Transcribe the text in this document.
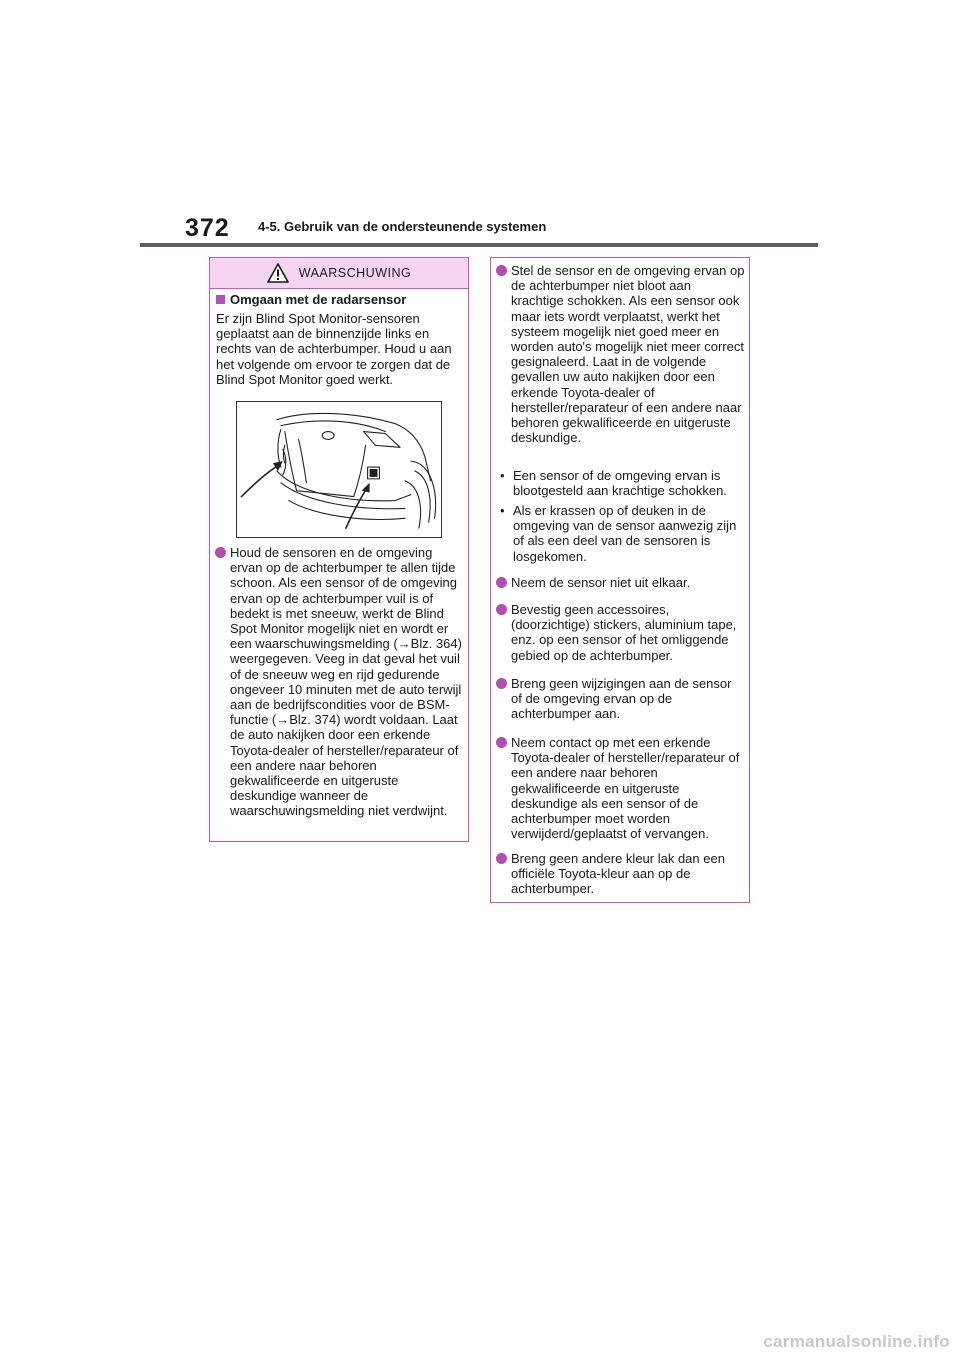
372 4-5. Gebruik van de ondersteunende systemen
WAARSCHUWING
Omgaan met de radarsensor
Er zijn Blind Spot Monitor-sensoren geplaatst aan de binnenzijde links en rechts van de achterbumper. Houd u aan het volgende om ervoor te zorgen dat de Blind Spot Monitor goed werkt.
Houd de sensoren en de omgeving ervan op de achterbumper te allen tijde schoon. Als een sensor of de omgeving ervan op de achterbumper vuil is of bedekt is met sneeuw, werkt de Blind Spot Monitor mogelijk niet en wordt er een waarschuwingsmelding (→Blz. 364) weergegeven. Veeg in dat geval het vuil of de sneeuw weg en rijd gedurende ongeveer 10 minuten met de auto terwijl aan de bedrijfscondities voor de BSM-functie (→Blz. 374) wordt voldaan. Laat de auto nakijken door een erkende Toyota-dealer of hersteller/reparateur of een andere naar behoren gekwalificeerde en uitgeruste deskundige wanneer de waarschuwingsmelding niet verdwijnt.
Stel de sensor en de omgeving ervan op de achterbumper niet bloot aan krachtige schokken. Als een sensor ook maar iets wordt verplaatst, werkt het systeem mogelijk niet goed meer en worden auto's mogelijk niet meer correct gesignaleerd. Laat in de volgende gevallen uw auto nakijken door een erkende Toyota-dealer of hersteller/reparateur of een andere naar behoren gekwalificeerde en uitgeruste deskundige.
• Een sensor of de omgeving ervan is blootgesteld aan krachtige schokken.
• Als er krassen op of deuken in de omgeving van de sensor aanwezig zijn of als een deel van de sensoren is losgekomen.
Neem de sensor niet uit elkaar.
Bevestig geen accessoires, (doorzichtige) stickers, aluminium tape, enz. op een sensor of het omliggende gebied op de achterbumper.
Breng geen wijzigingen aan de sensor of de omgeving ervan op de achterbumper aan.
Neem contact op met een erkende Toyota-dealer of hersteller/reparateur of een andere naar behoren gekwalificeerde en uitgeruste deskundige als een sensor of de achterbumper moet worden verwijderd/geplaatst of vervangen.
Breng geen andere kleur lak dan een officiële Toyota-kleur aan op de achterbumper.
carmanualsonline.info
